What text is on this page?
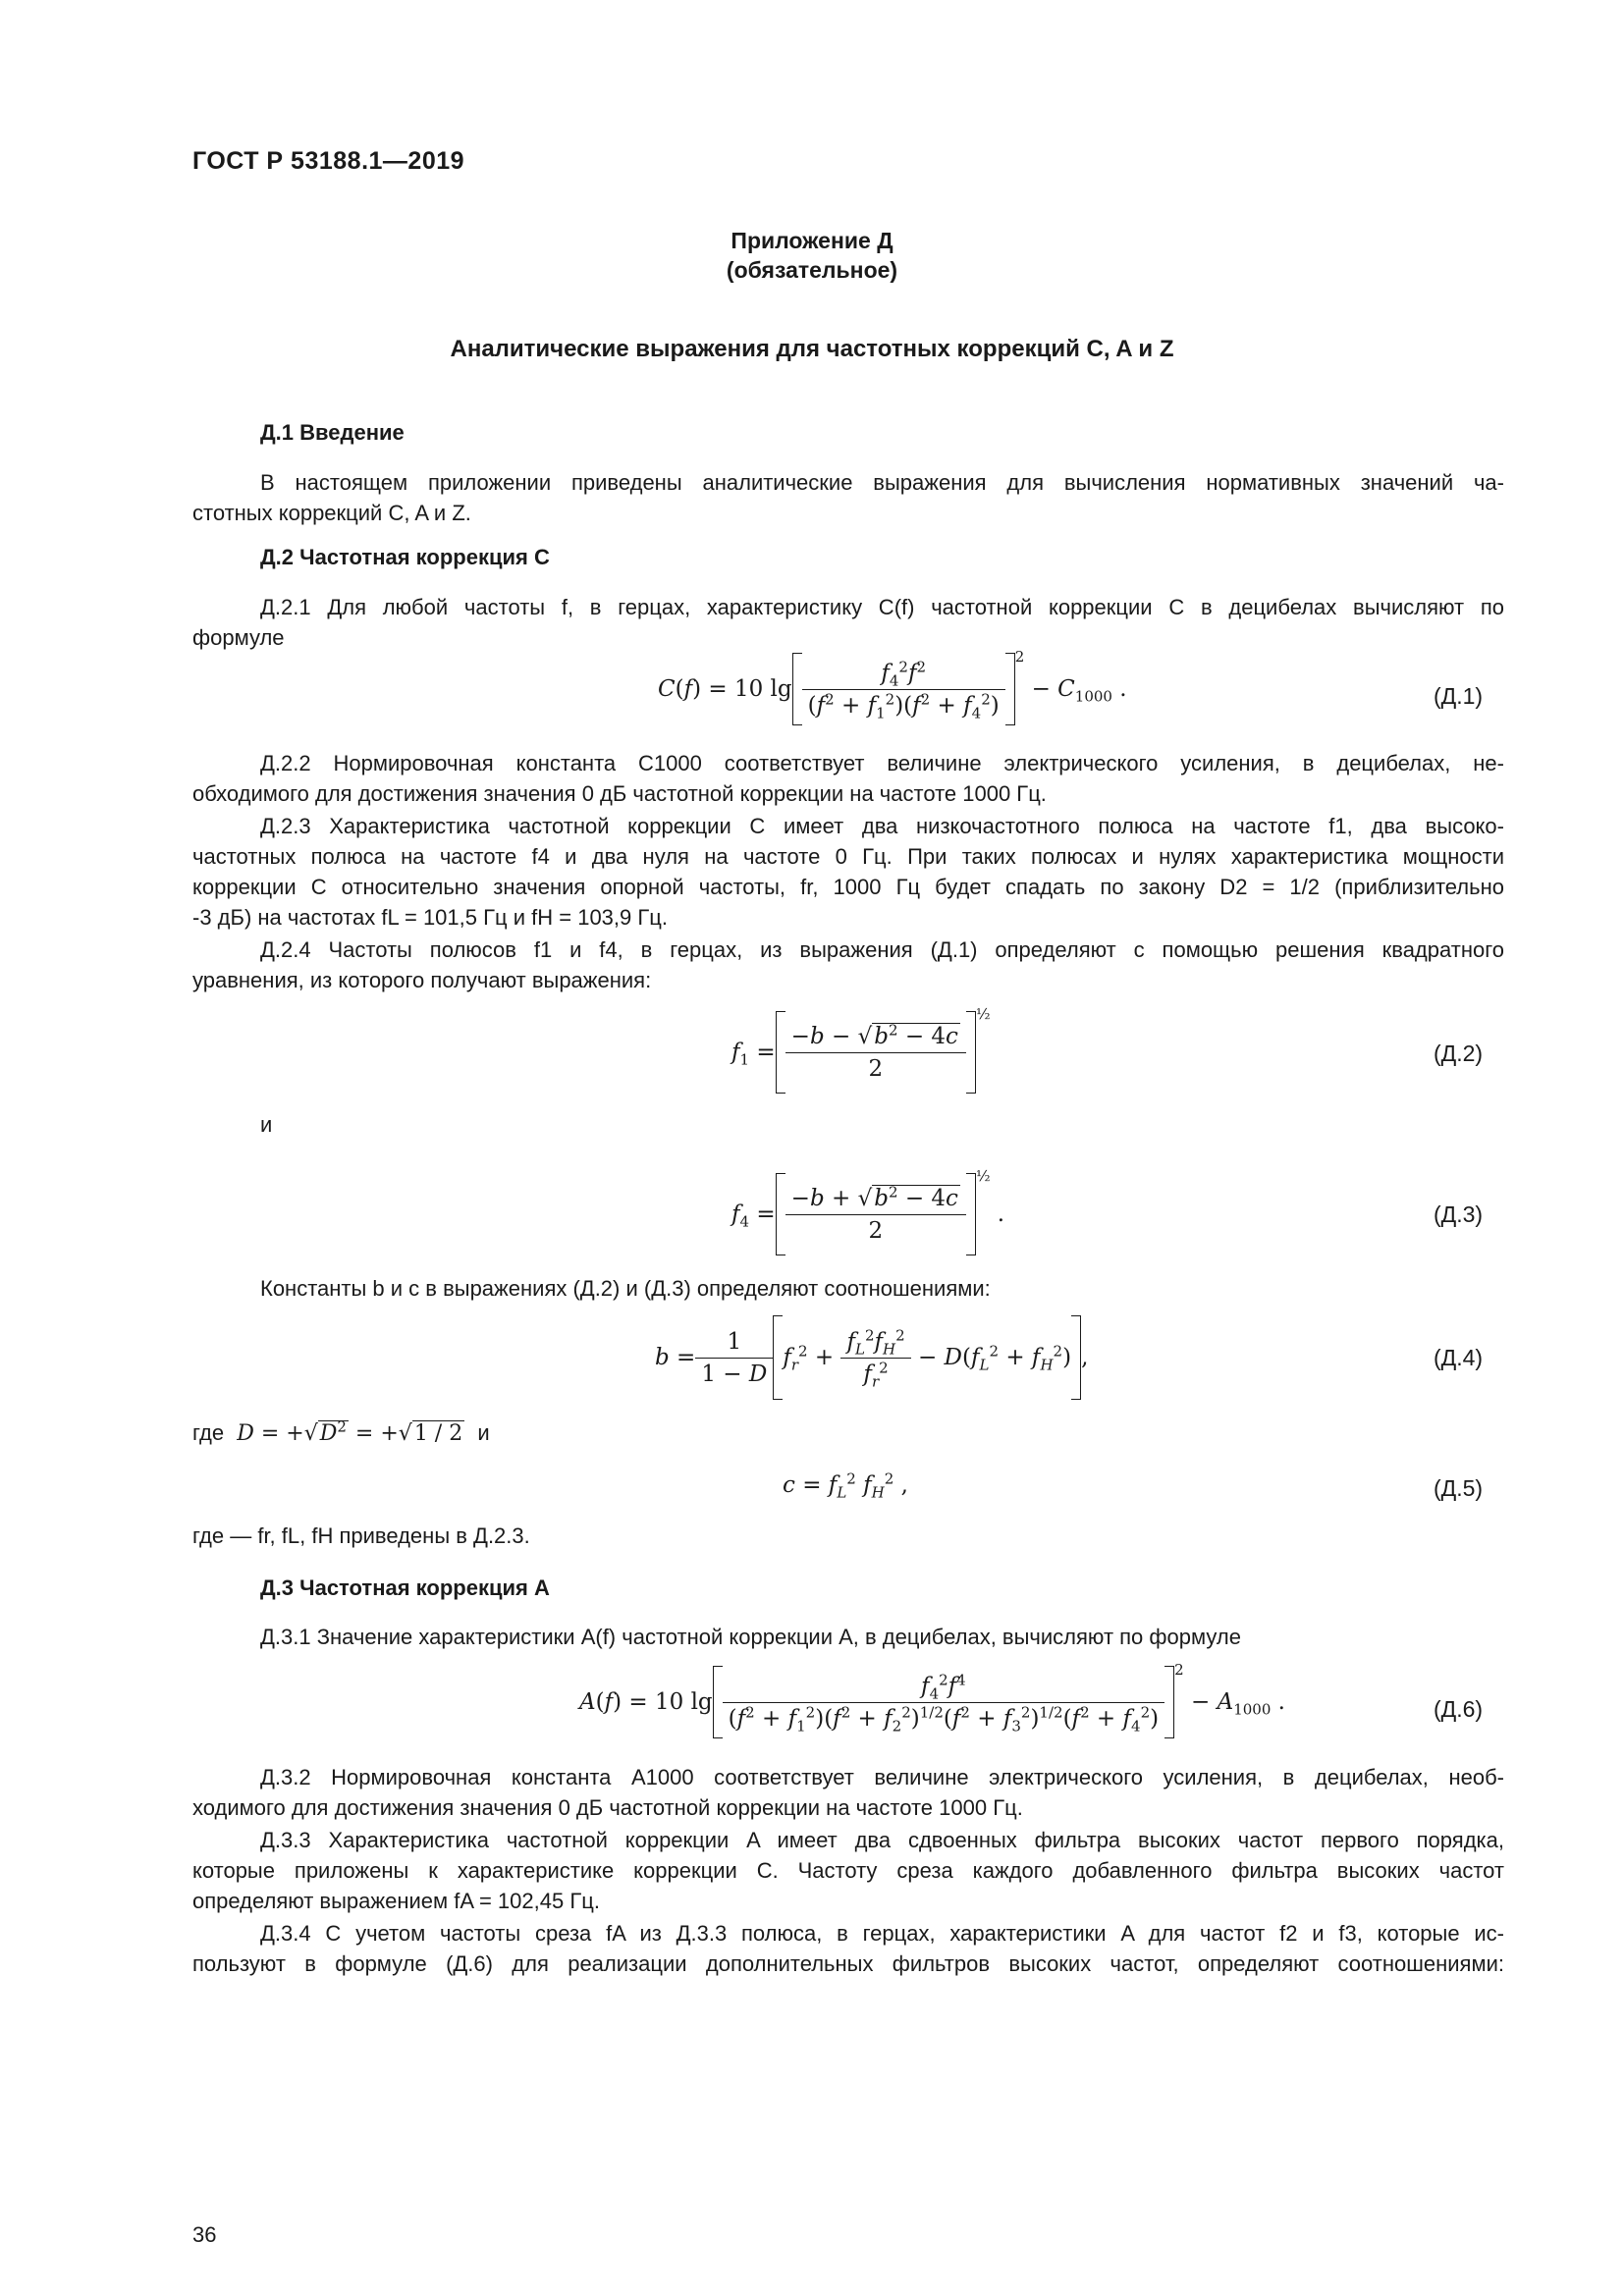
ГОСТ Р 53188.1—2019
Приложение Д
(обязательное)
Аналитические выражения для частотных коррекций C, A и Z
Д.1 Введение
В настоящем приложении приведены аналитические выражения для вычисления нормативных значений ча-
стотных коррекций C, A и Z.
Д.2 Частотная коррекция C
Д.2.1 Для любой частоты f, в герцах, характеристику C(f) частотной коррекции C в децибелах вычисляют по
формуле
C(f) = 10 $\lg \frac{f_4^2f^2}{(f^2 + f_1^2)(f^2 + f_4^2)}$
$^2 - C_{1000}$ .	(Д.1)
Д.2.2 Нормировочная константа C1000 соответствует величине электрического усиления, в децибелах, не-
обходимого для достижения значения 0 дБ частотной коррекции на частоте 1000 Гц.
Д.2.3 Характеристика частотной коррекции C имеет два низкочастотного полюса на частоте f1, два высоко-
частотных полюса на частоте f4 и два нуля на частоте 0 Гц. При таких полюсах и нулях характеристика мощности
коррекции С относительно значения опорной частоты, fr, 1000 Гц будет спадать по закону D2 = 1/2 (приблизительно
-3 дБ) на частотах fL = 101,5 Гц и fH = 103,9 Гц.
Д.2.4 Частоты полюсов f1 и f4, в герцах, из выражения (Д.1) определяют с помощью решения квадратного
уравнения, из которого получают выражения:
$f_1 = \frac{-b - √b^2 - 4c}{2}$
$^{\frac{1}{2}}$
(Д.2)
и
$f_4 = \frac{-b + √b^2 - 4c}{2}$
$^{\frac{1}{2}}$ .	(Д.3)
Константы b и c в выражениях (Д.2) и (Д.3) определяют соотношениями:
$b = \frac{1}{1 - D} f_r^2 + \frac{f_L^2f_H^2}{f_r^2} - D(f_L^2 + f_H^2)$ ,	(Д.4)
где $D = +√D^2 = +√1 / 2$ и
$c = f_L^2$ $f_H^2$ ,	(Д.5)
где — fr, fL, fH приведены в Д.2.3.
Д.3 Частотная коррекция A
Д.3.1 Значение характеристики A(f) частотной коррекции A, в децибелах, вычисляют по формуле
A(f) = 10 $\lg \frac{f_4^2f^4}{(f^2 + f_1^2)(f^2 + f_2^2)^{1/2}(f^2 + f_3^2)^{1/2}(f^2 + f_4^2)}$
$^2 - A_{1000}$ .	(Д.6)
Д.3.2 Нормировочная константа A1000 соответствует величине электрического усиления, в децибелах, необ-
ходимого для достижения значения 0 дБ частотной коррекции на частоте 1000 Гц.
Д.3.3 Характеристика частотной коррекции A имеет два сдвоенных фильтра высоких частот первого порядка,
которые приложены к характеристике коррекции C. Частоту среза каждого добавленного фильтра высоких частот
определяют выражением fA = 102,45 Гц.
Д.3.4 С учетом частоты среза fA из Д.3.3 полюса, в герцах, характеристики A для частот f2 и f3, которые ис-
пользуют в формуле (Д.6) для реализации дополнительных фильтров высоких частот, определяют соотношениями:
36
